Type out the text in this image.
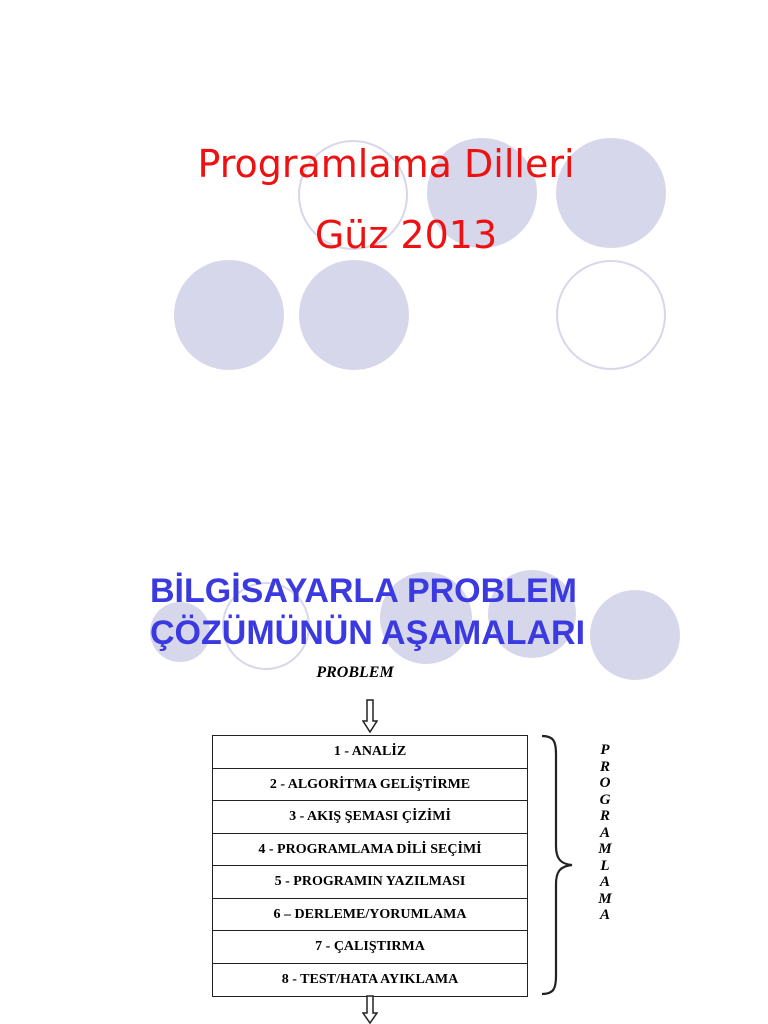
Programlama Dilleri
Güz 2013
BİLGİSAYARLA PROBLEM
ÇÖZÜMÜNÜN AŞAMALARI
PROBLEM
1 - ANALİZ
2 - ALGORİTMA GELİŞTİRME
3 - AKIŞ ŞEMASI ÇİZİMİ
4 - PROGRAMLAMA DİLİ SEÇİMİ
5 - PROGRAMIN YAZILMASI
6 – DERLEME/YORUMLAMA
7 - ÇALIŞTIRMA
8 - TEST/HATA AYIKLAMA
P
R
O
G
R
A
M
L
A
M
A
